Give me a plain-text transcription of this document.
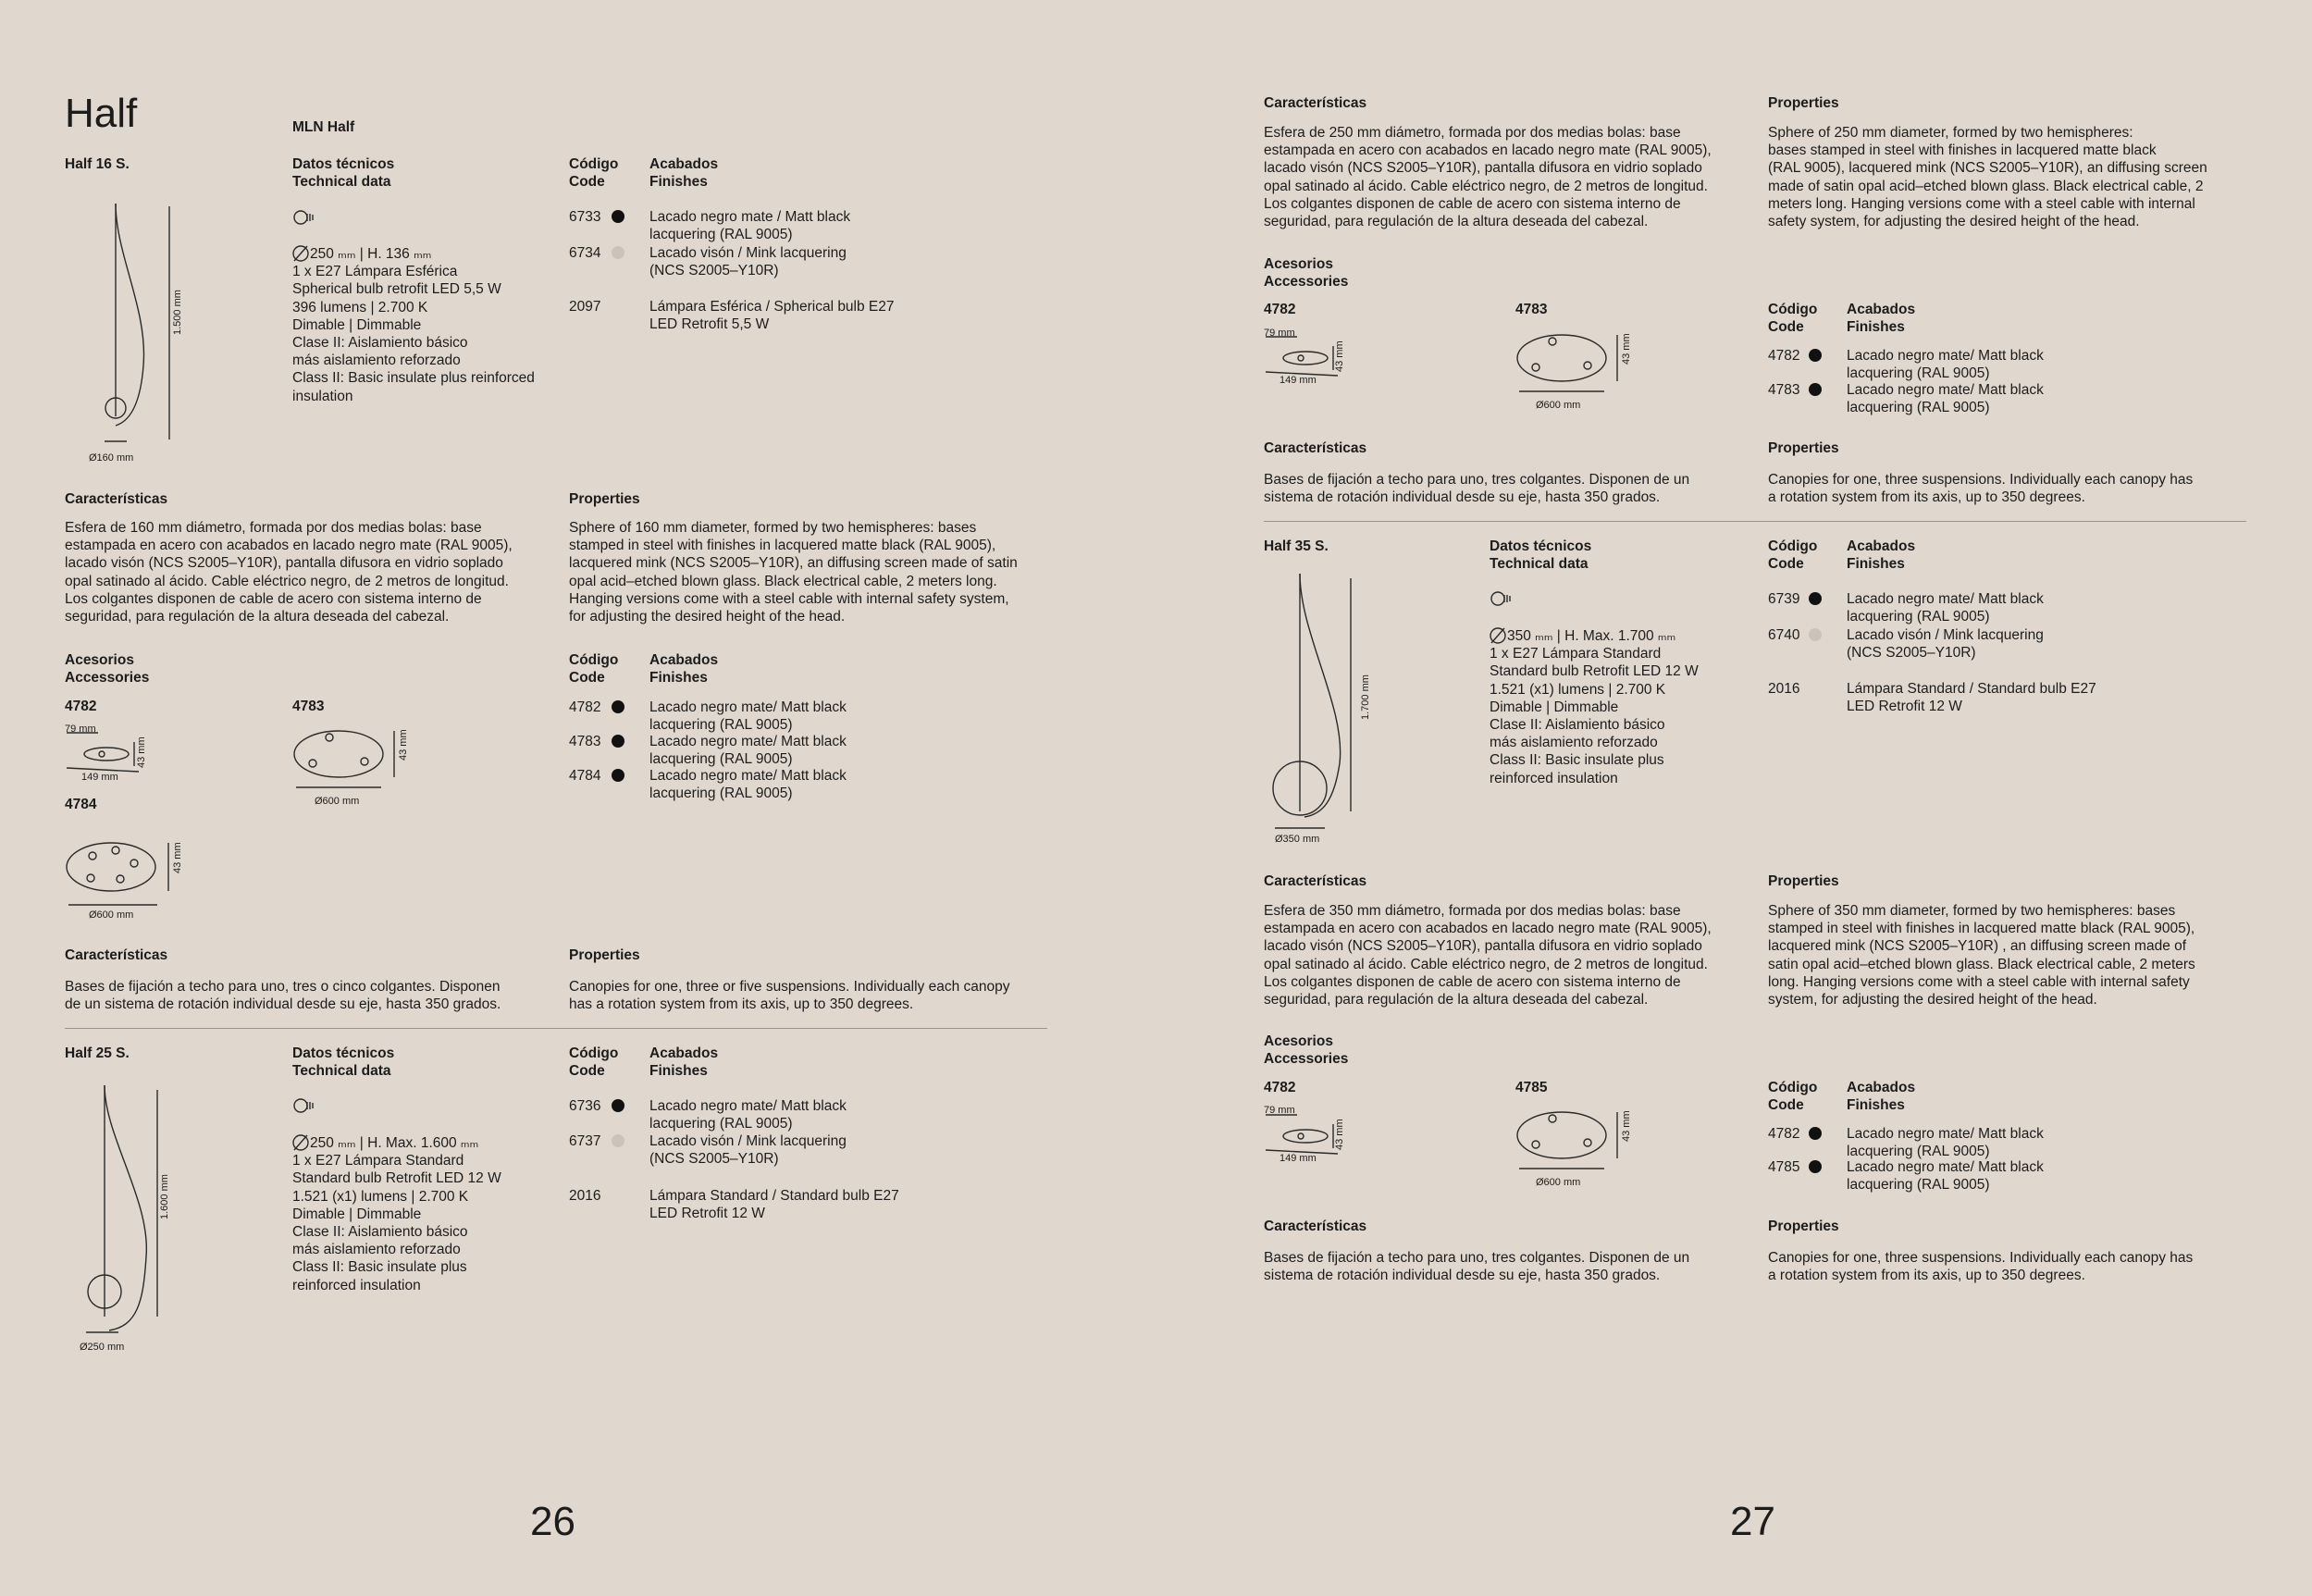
Half	MLN Half
Half 16 S.	Datos técnicos
Technical data
Código
Code
Acabados
Finishes
250 ₘₘ | H. 136 ₘₘ
1 x E27 Lámpara Esférica
Spherical bulb retrofit LED 5,5 W
396 lumens | 2.700 K
Dimable | Dimmable
Clase II: Aislamiento básico
más aislamiento reforzado
Class II: Basic insulate plus reinforced
insulation
1.500 mm
Ø160 mm
6733	Lacado negro mate / Matt black
lacquering (RAL 9005)
6734	Lacado visón / Mink lacquering
(NCS S2005–Y10R)
2097	Lámpara Esférica / Spherical bulb E27
LED Retrofit 5,5 W
Características
Esfera de 160 mm diámetro, formada por dos medias bolas: base
estampada en acero con acabados en lacado negro mate (RAL 9005),
lacado visón (NCS S2005–Y10R), pantalla difusora en vidrio soplado
opal satinado al ácido. Cable eléctrico negro, de 2 metros de longitud.
Los colgantes disponen de cable de acero con sistema interno de
seguridad, para regulación de la altura deseada del cabezal.
Properties
Sphere of 160 mm diameter, formed by two hemispheres: bases
stamped in steel with finishes in lacquered matte black (RAL 9005),
lacquered mink (NCS S2005–Y10R), an diffusing screen made of satin
opal acid–etched blown glass. Black electrical cable, 2 meters long.
Hanging versions come with a steel cable with internal safety system,
for adjusting the desired height of the head.
Acesorios
Accessories
Código
Code
Acabados
Finishes
4782	4783
4784
79 mm
149 mm
43 mm
Ø600 mm
43 mm
Ø600 mm
43 mm
4782	Lacado negro mate/ Matt black
lacquering (RAL 9005)
4783	Lacado negro mate/ Matt black
lacquering (RAL 9005)
4784	Lacado negro mate/ Matt black
lacquering (RAL 9005)
Características
Bases de fijación a techo para uno, tres o cinco colgantes. Disponen
de un sistema de rotación individual desde su eje, hasta 350 grados.
Properties
Canopies for one, three or five suspensions. Individually each canopy
has a rotation system from its axis, up to 350 degrees.
Half 25 S.	Datos técnicos
Technical data
Código
Code
Acabados
Finishes
250 ₘₘ | H. Max. 1.600 ₘₘ
1 x E27 Lámpara Standard
Standard bulb Retrofit LED 12 W
1.521 (x1) lumens | 2.700 K
Dimable | Dimmable
Clase II: Aislamiento básico
más aislamiento reforzado
Class II: Basic insulate plus
reinforced insulation
1.600 mm
Ø250 mm
6736	Lacado negro mate/ Matt black
lacquering (RAL 9005)
6737	Lacado visón / Mink lacquering
(NCS S2005–Y10R)
2016	Lámpara Standard / Standard bulb E27
LED Retrofit 12 W
26
Características
Esfera de 250 mm diámetro, formada por dos medias bolas: base
estampada en acero con acabados en lacado negro mate (RAL 9005),
lacado visón (NCS S2005–Y10R), pantalla difusora en vidrio soplado
opal satinado al ácido. Cable eléctrico negro, de 2 metros de longitud.
Los colgantes disponen de cable de acero con sistema interno de
seguridad, para regulación de la altura deseada del cabezal.
Properties
Sphere of 250 mm diameter, formed by two hemispheres:
bases stamped in steel with finishes in lacquered matte black
(RAL 9005), lacquered mink (NCS S2005–Y10R), an diffusing screen
made of satin opal acid–etched blown glass. Black electrical cable, 2
meters long. Hanging versions come with a steel cable with internal
safety system, for adjusting the desired height of the head.
Acesorios
Accessories
4782	4783	Código
Code
Acabados
Finishes
79 mm
149 mm
43 mm
Ø600 mm
43 mm	4782	Lacado negro mate/ Matt black
lacquering (RAL 9005)
4783	Lacado negro mate/ Matt black
lacquering (RAL 9005)
Características
Bases de fijación a techo para uno, tres colgantes. Disponen de un
sistema de rotación individual desde su eje, hasta 350 grados.
Properties
Canopies for one, three suspensions. Individually each canopy has
a rotation system from its axis, up to 350 degrees.
Half 35 S.	Datos técnicos
Technical data
Código
Code
Acabados
Finishes
350 ₘₘ | H. Max. 1.700 ₘₘ
1 x E27 Lámpara Standard
Standard bulb Retrofit LED 12 W
1.521 (x1) lumens | 2.700 K
Dimable | Dimmable
Clase II: Aislamiento básico
más aislamiento reforzado
Class II: Basic insulate plus
reinforced insulation
1.700 mm
Ø350 mm
6739	Lacado negro mate/ Matt black
lacquering (RAL 9005)
6740	Lacado visón / Mink lacquering
(NCS S2005–Y10R)
2016	Lámpara Standard / Standard bulb E27
LED Retrofit 12 W
Características
Esfera de 350 mm diámetro, formada por dos medias bolas: base
estampada en acero con acabados en lacado negro mate (RAL 9005),
lacado visón (NCS S2005–Y10R), pantalla difusora en vidrio soplado
opal satinado al ácido. Cable eléctrico negro, de 2 metros de longitud.
Los colgantes disponen de cable de acero con sistema interno de
seguridad, para regulación de la altura deseada del cabezal.
Properties
Sphere of 350 mm diameter, formed by two hemispheres: bases
stamped in steel with finishes in lacquered matte black (RAL 9005),
lacquered mink (NCS S2005–Y10R) , an diffusing screen made of
satin opal acid–etched blown glass. Black electrical cable, 2 meters
long. Hanging versions come with a steel cable with internal safety
system, for adjusting the desired height of the head.
Acesorios
Accessories
4782	4785	Código
Code
Acabados
Finishes
79 mm
149 mm
43 mm
Ø600 mm
43 mm	4782	Lacado negro mate/ Matt black
lacquering (RAL 9005)
4785	Lacado negro mate/ Matt black
lacquering (RAL 9005)
Características
Bases de fijación a techo para uno, tres colgantes. Disponen de un
sistema de rotación individual desde su eje, hasta 350 grados.
Properties
Canopies for one, three suspensions. Individually each canopy has
a rotation system from its axis, up to 350 degrees.
27
